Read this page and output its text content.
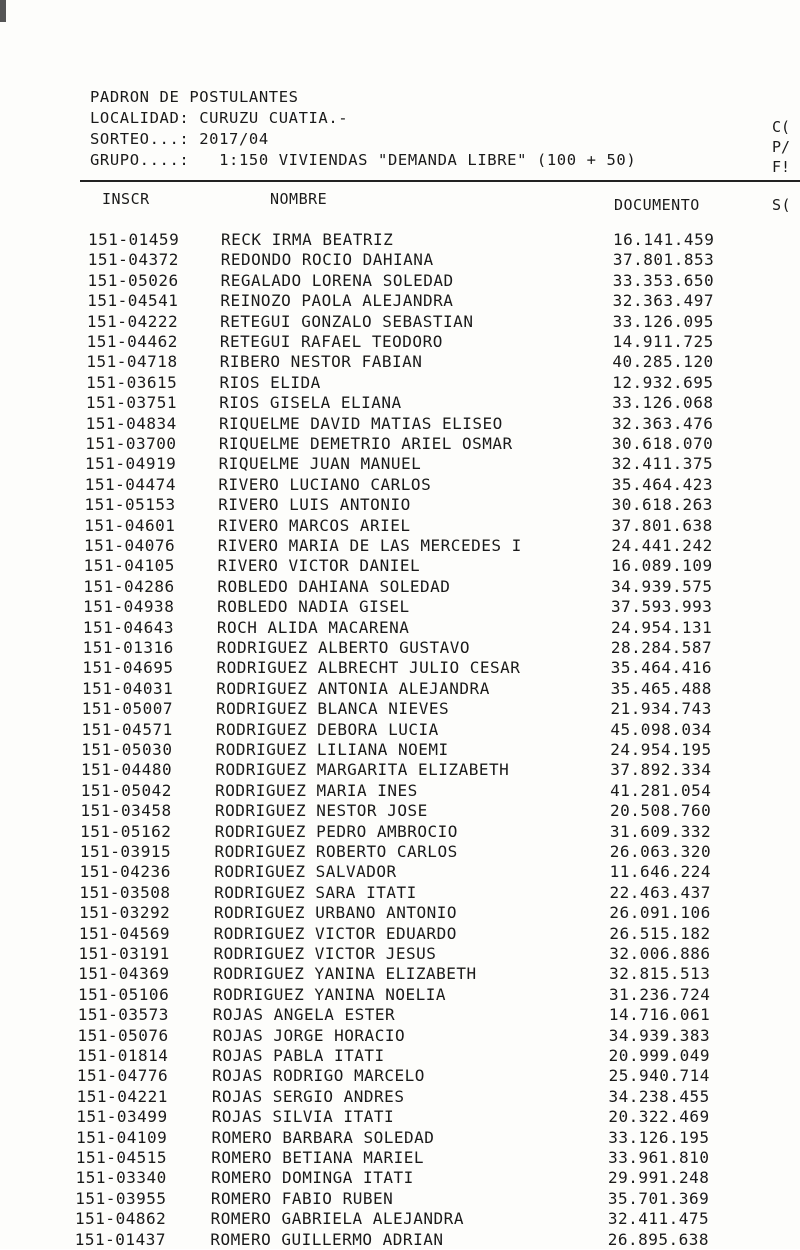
PADRON DE POSTULANTES
LOCALIDAD: CURUZU CUATIA.-
SORTEO...: 2017/04
GRUPO....:   1:150 VIVIENDAS "DEMANDA LIBRE" (100 + 50)
C(
P/
F!
INSCR	NOMBRE	DOCUMENTO	S(
151-01459	RECK IRMA BEATRIZ	16.141.459
151-04372	REDONDO ROCIO DAHIANA	37.801.853
151-05026	REGALADO LORENA SOLEDAD	33.353.650
151-04541	REINOZO PAOLA ALEJANDRA	32.363.497
151-04222	RETEGUI GONZALO SEBASTIAN	33.126.095
151-04462	RETEGUI RAFAEL TEODORO	14.911.725
151-04718	RIBERO NESTOR FABIAN	40.285.120
151-03615	RIOS ELIDA	12.932.695
151-03751	RIOS GISELA ELIANA	33.126.068
151-04834	RIQUELME DAVID MATIAS ELISEO	32.363.476
151-03700	RIQUELME DEMETRIO ARIEL OSMAR	30.618.070
151-04919	RIQUELME JUAN MANUEL	32.411.375
151-04474	RIVERO LUCIANO CARLOS	35.464.423
151-05153	RIVERO LUIS ANTONIO	30.618.263
151-04601	RIVERO MARCOS ARIEL	37.801.638
151-04076	RIVERO MARIA DE LAS MERCEDES I	24.441.242
151-04105	RIVERO VICTOR DANIEL	16.089.109
151-04286	ROBLEDO DAHIANA SOLEDAD	34.939.575
151-04938	ROBLEDO NADIA GISEL	37.593.993
151-04643	ROCH ALIDA MACARENA	24.954.131
151-01316	RODRIGUEZ ALBERTO GUSTAVO	28.284.587
151-04695	RODRIGUEZ ALBRECHT JULIO CESAR	35.464.416
151-04031	RODRIGUEZ ANTONIA ALEJANDRA	35.465.488
151-05007	RODRIGUEZ BLANCA NIEVES	21.934.743
151-04571	RODRIGUEZ DEBORA LUCIA	45.098.034
151-05030	RODRIGUEZ LILIANA NOEMI	24.954.195
151-04480	RODRIGUEZ MARGARITA ELIZABETH	37.892.334
151-05042	RODRIGUEZ MARIA INES	41.281.054
151-03458	RODRIGUEZ NESTOR JOSE	20.508.760
151-05162	RODRIGUEZ PEDRO AMBROCIO	31.609.332
151-03915	RODRIGUEZ ROBERTO CARLOS	26.063.320
151-04236	RODRIGUEZ SALVADOR	11.646.224
151-03508	RODRIGUEZ SARA ITATI	22.463.437
151-03292	RODRIGUEZ URBANO ANTONIO	26.091.106
151-04569	RODRIGUEZ VICTOR EDUARDO	26.515.182
151-03191	RODRIGUEZ VICTOR JESUS	32.006.886
151-04369	RODRIGUEZ YANINA ELIZABETH	32.815.513
151-05106	RODRIGUEZ YANINA NOELIA	31.236.724
151-03573	ROJAS ANGELA ESTER	14.716.061
151-05076	ROJAS JORGE HORACIO	34.939.383
151-01814	ROJAS PABLA ITATI	20.999.049
151-04776	ROJAS RODRIGO MARCELO	25.940.714
151-04221	ROJAS SERGIO ANDRES	34.238.455
151-03499	ROJAS SILVIA ITATI	20.322.469
151-04109	ROMERO BARBARA SOLEDAD	33.126.195
151-04515	ROMERO BETIANA MARIEL	33.961.810
151-03340	ROMERO DOMINGA ITATI	29.991.248
151-03955	ROMERO FABIO RUBEN	35.701.369
151-04862	ROMERO GABRIELA ALEJANDRA	32.411.475
151-01437	ROMERO GUILLERMO ADRIAN	26.895.638
